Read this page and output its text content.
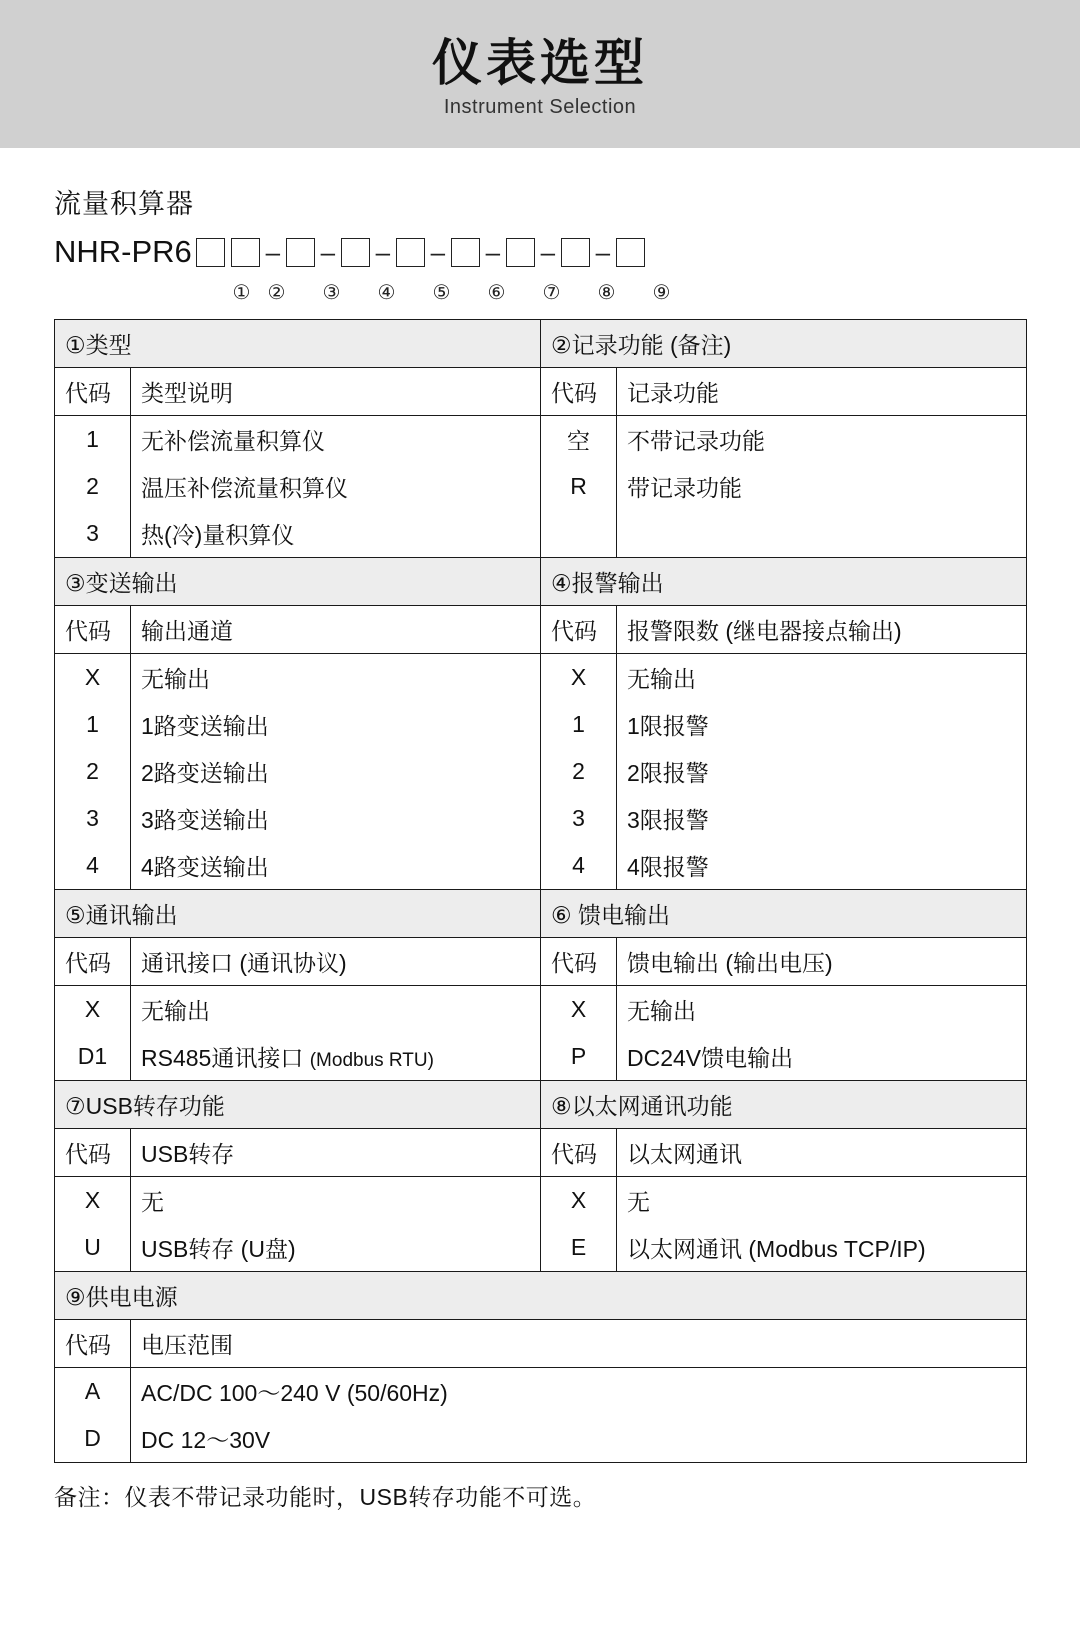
仪表选型
Instrument Selection
流量积算器
NHR-PR6	– – – – – – –
① ② ③ ④ ⑤ ⑥ ⑦ ⑧ ⑨
①类型		②记录功能 (备注)	
代码	类型说明	代码	记录功能
1	无补偿流量积算仪	空	不带记录功能
2	温压补偿流量积算仪	R	带记录功能
3	热(冷)量积算仪		
③变送输出		④报警输出	
代码	输出通道	代码	报警限数 (继电器接点输出)
X	无输出	X	无输出
1	1路变送输出	1	1限报警
2	2路变送输出	2	2限报警
3	3路变送输出	3	3限报警
4	4路变送输出	4	4限报警
⑤通讯输出		⑥ 馈电输出	
代码	通讯接口 (通讯协议)	代码	馈电输出 (输出电压)
X	无输出	X	无输出
D1	RS485通讯接口 (Modbus RTU)	P	DC24V馈电输出
⑦USB转存功能		⑧以太网通讯功能	
代码	USB转存	代码	以太网通讯
X	无	X	无
U	USB转存 (U盘)	E	以太网通讯 (Modbus TCP/IP)
⑨供电电源			
代码	电压范围		
A	AC/DC 100～240 V (50/60Hz)		
D	DC 12～30V		
备注：仪表不带记录功能时，USB转存功能不可选。
